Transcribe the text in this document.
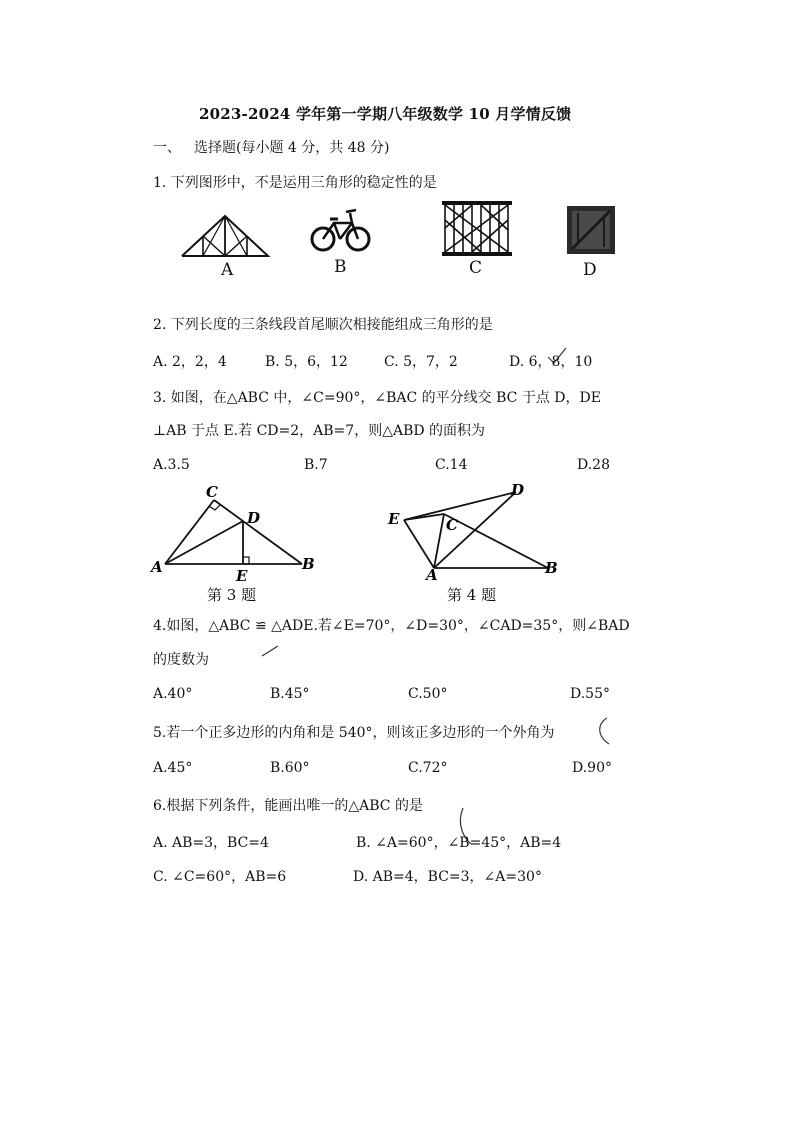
2023-2024 学年第一学期八年级数学 10 月学情反馈
一、 选择题(每小题 4 分，共 48 分)
1. 下列图形中，不是运用三角形的稳定性的是
A	B	C	D
2. 下列长度的三条线段首尾顺次相接能组成三角形的是
A. 2，2，4	B. 5，6，12	C. 5，7，2	D. 6，8，10
3. 如图，在△ABC 中，∠C=90°，∠BAC 的平分线交 BC 于点 D，DE
⊥AB 于点 E.若 CD=2，AB=7，则△ABD 的面积为
A.3.5	B.7	C.14	D.28
C
D
A	E
B
第 3 题
D
E	C
A	B
第 4 题
4.如图，△ABC ≌ △ADE.若∠E=70°，∠D=30°，∠CAD=35°，则∠BAD
的度数为
A.40°	B.45°	C.50°	D.55°
5.若一个正多边形的内角和是 540°，则该正多边形的一个外角为
A.45°	B.60°	C.72°	D.90°
6.根据下列条件，能画出唯一的△ABC 的是
A. AB=3，BC=4	B. ∠A=60°，∠B=45°，AB=4
C. ∠C=60°，AB=6	D. AB=4，BC=3，∠A=30°
